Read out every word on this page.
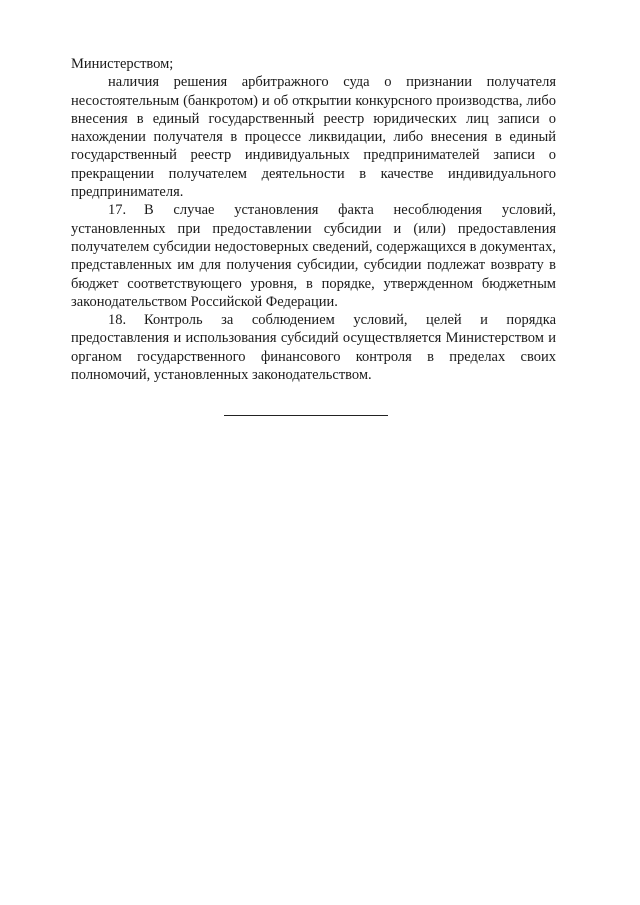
Министерством;

наличия решения арбитражного суда о признании получателя несостоятельным (банкротом) и об открытии конкурсного производства, либо внесения в единый государственный реестр юридических лиц записи о нахождении получателя в процессе ликвидации, либо внесения в единый государственный реестр индивидуальных предпринимателей записи о прекращении получателем деятельности в качестве индивидуального предпринимателя.

17. В случае установления факта несоблюдения условий, установленных при предоставлении субсидии и (или) предоставления получателем субсидии недостоверных сведений, содержащихся в документах, представленных им для получения субсидии, субсидии подлежат возврату в бюджет соответствующего уровня, в порядке, утвержденном бюджетным законодательством Российской Федерации.

18. Контроль за соблюдением условий, целей и порядка предоставления и использования субсидий осуществляется Министерством и органом государственного финансового контроля в пределах своих полномочий, установленных законодательством.
